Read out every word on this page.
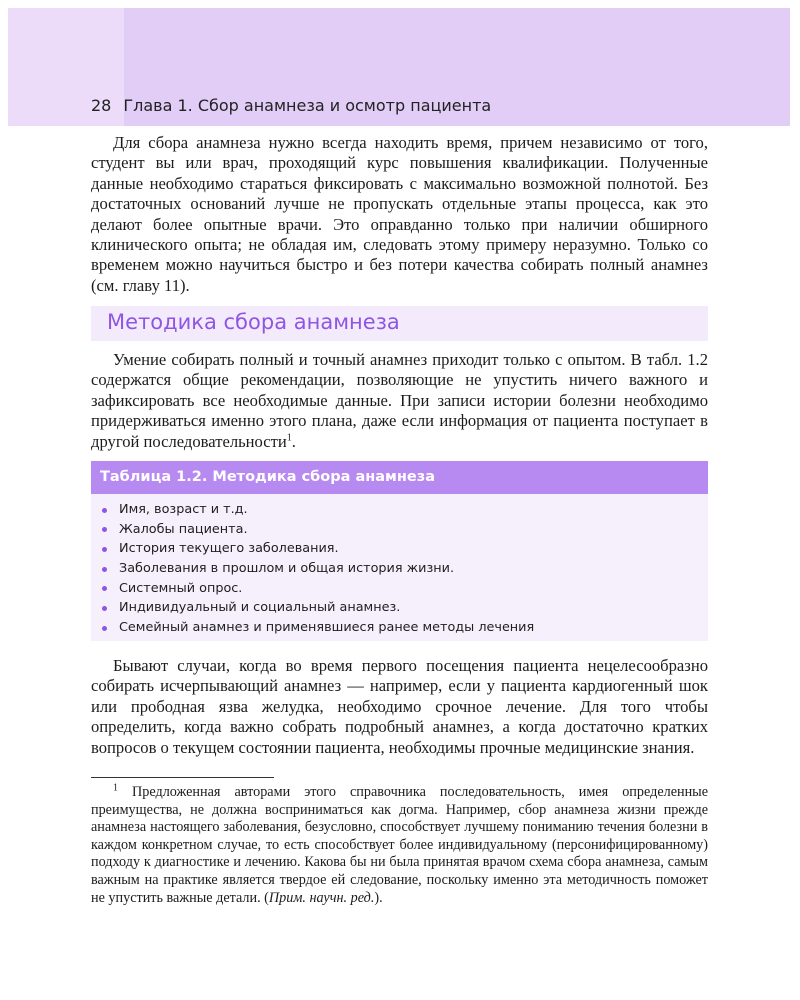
28 Глава 1. Сбор анамнеза и осмотр пациента

Для сбора анамнеза нужно всегда находить время, причем независимо от того, студент вы или врач, проходящий курс повышения квалификации. Полученные данные необходимо стараться фиксировать с максимально возможной полнотой. Без достаточных оснований лучше не пропускать отдельные этапы процесса, как это делают более опытные врачи. Это оправданно только при наличии обширного клинического опыта; не обладая им, следовать этому примеру неразумно. Только со временем можно научиться быстро и без потери качества собирать полный анамнез (см. главу 11).

Методика сбора анамнеза

Умение собирать полный и точный анамнез приходит только с опытом. В табл. 1.2 содержатся общие рекомендации, позволяющие не упустить ничего важного и зафиксировать все необходимые данные. При записи истории болезни необходимо придерживаться именно этого плана, даже если информация от пациента поступает в другой последовательности$^1$.

Таблица 1.2. Методика сбора анамнеза
Имя, возраст и т.д.
Жалобы пациента.
История текущего заболевания.
Заболевания в прошлом и общая история жизни.
Системный опрос.
Индивидуальный и социальный анамнез.
Семейный анамнез и применявшиеся ранее методы лечения

Бывают случаи, когда во время первого посещения пациента нецелесообразно собирать исчерпывающий анамнез — например, если у пациента кардиогенный шок или прободная язва желудка, необходимо срочное лечение. Для того чтобы определить, когда важно собрать подробный анамнез, а когда достаточно кратких вопросов о текущем состоянии пациента, необходимы прочные медицинские знания.

$^1$ Предложенная авторами этого справочника последовательность, имея определенные преимущества, не должна восприниматься как догма. Например, сбор анамнеза жизни прежде анамнеза настоящего заболевания, безусловно, способствует лучшему пониманию течения болезни в каждом конкретном случае, то есть способствует более индивидуальному (персонифицированному) подходу к диагностике и лечению. Какова бы ни была принятая врачом схема сбора анамнеза, самым важным на практике является твердое ей следование, поскольку именно эта методичность поможет не упустить важные детали. (Прим. научн. ред.).
